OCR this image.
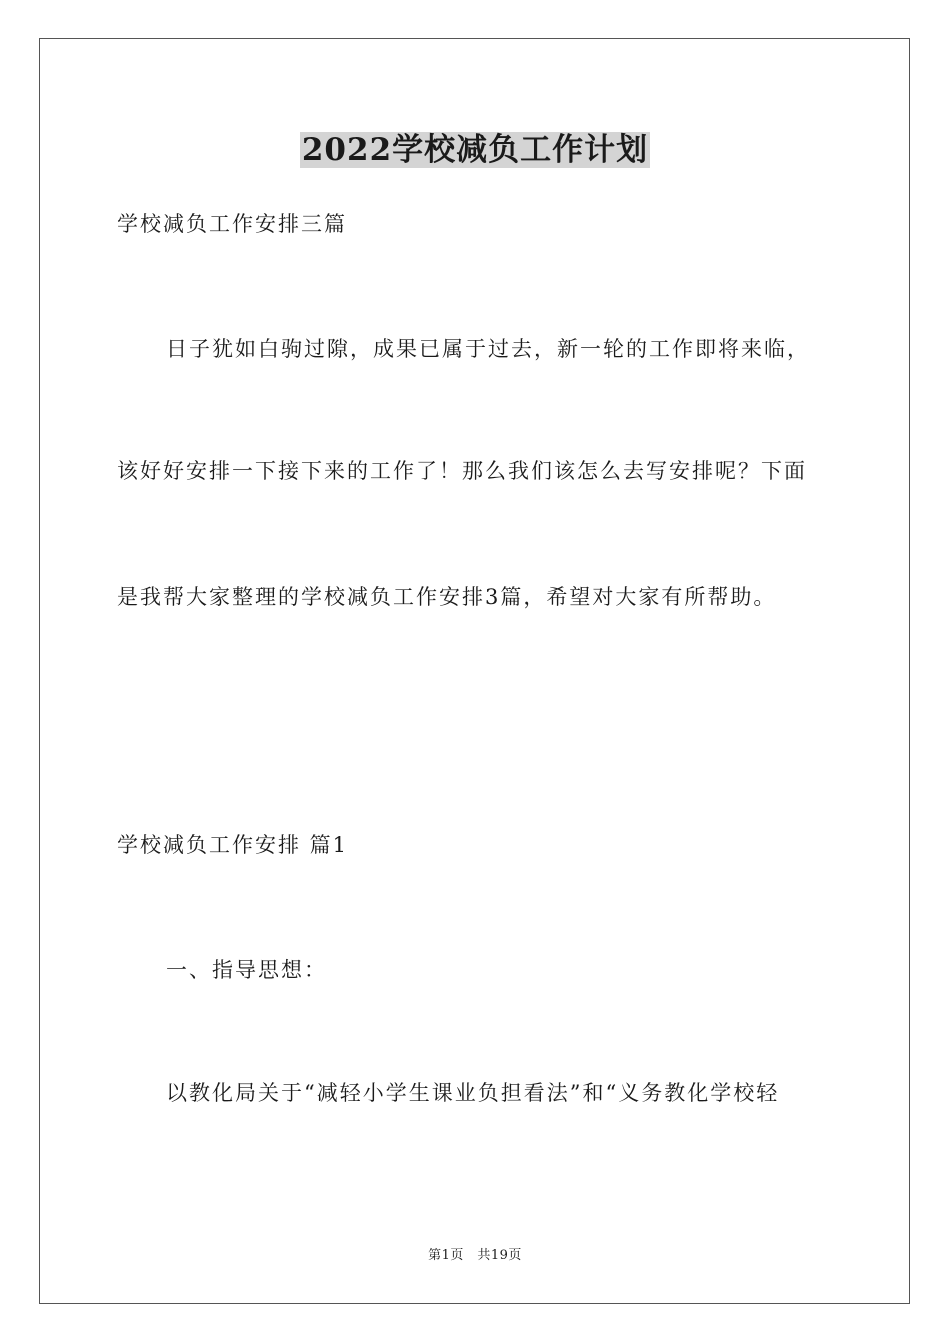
2022学校减负工作计划
学校减负工作安排三篇
日子犹如白驹过隙，成果已属于过去，新一轮的工作即将来临，
该好好安排一下接下来的工作了！那么我们该怎么去写安排呢？下面
是我帮大家整理的学校减负工作安排3篇，希望对大家有所帮助。
学校减负工作安排 篇1
一、指导思想：
以教化局关于“减轻小学生课业负担看法”和“义务教化学校轻
第1页　共19页
